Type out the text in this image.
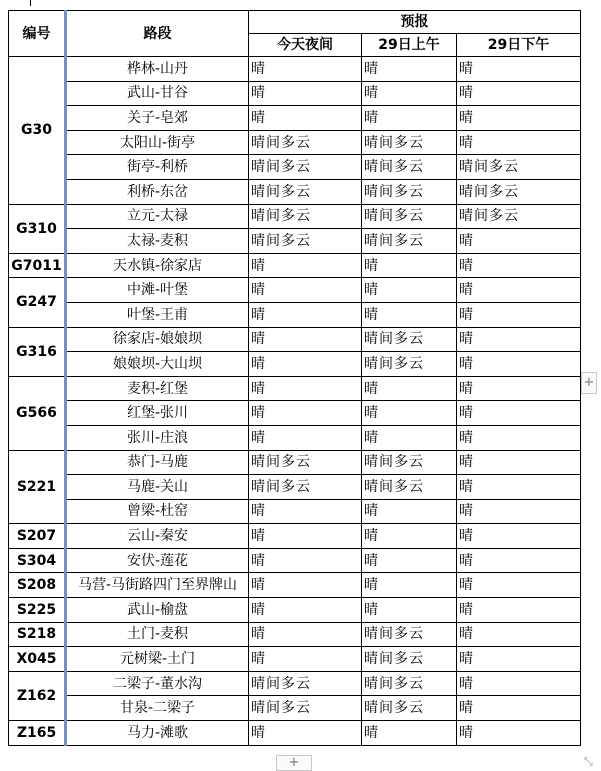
编号	路段	预报		
		今天夜间	29日上午	29日下午
G30	桦林-山丹	晴	晴	晴
	武山-甘谷	晴	晴	晴
	关子-皂郊	晴	晴	晴
	太阳山-街亭	晴间多云	晴间多云	晴
	街亭-利桥	晴间多云	晴间多云	晴间多云
	利桥-东岔	晴间多云	晴间多云	晴间多云
G310	立元-太禄	晴间多云	晴间多云	晴间多云
	太禄-麦积	晴间多云	晴间多云	晴
G7011	天水镇-徐家店	晴	晴	晴
G247	中滩-叶堡	晴	晴	晴
	叶堡-王甫	晴	晴	晴
G316	徐家店-娘娘坝	晴	晴间多云	晴
	娘娘坝-大山坝	晴	晴间多云	晴
G566	麦积-红堡	晴	晴	晴
	红堡-张川	晴	晴	晴
	张川-庄浪	晴	晴	晴
S221	恭门-马鹿	晴间多云	晴间多云	晴
	马鹿-关山	晴间多云	晴间多云	晴
	曾梁-杜窑	晴	晴	晴
S207	云山-秦安	晴	晴	晴
S304	安伏-莲花	晴	晴	晴
S208	马营-马街路四门至界牌山	晴	晴	晴
S225	武山-榆盘	晴	晴	晴
S218	土门-麦积	晴	晴间多云	晴
X045	元树梁-土门	晴	晴间多云	晴
Z162	二梁子-董水沟	晴间多云	晴间多云	晴
	甘泉-二梁子	晴间多云	晴间多云	晴
Z165	马力-滩歌	晴	晴	晴
+
+	⤡
